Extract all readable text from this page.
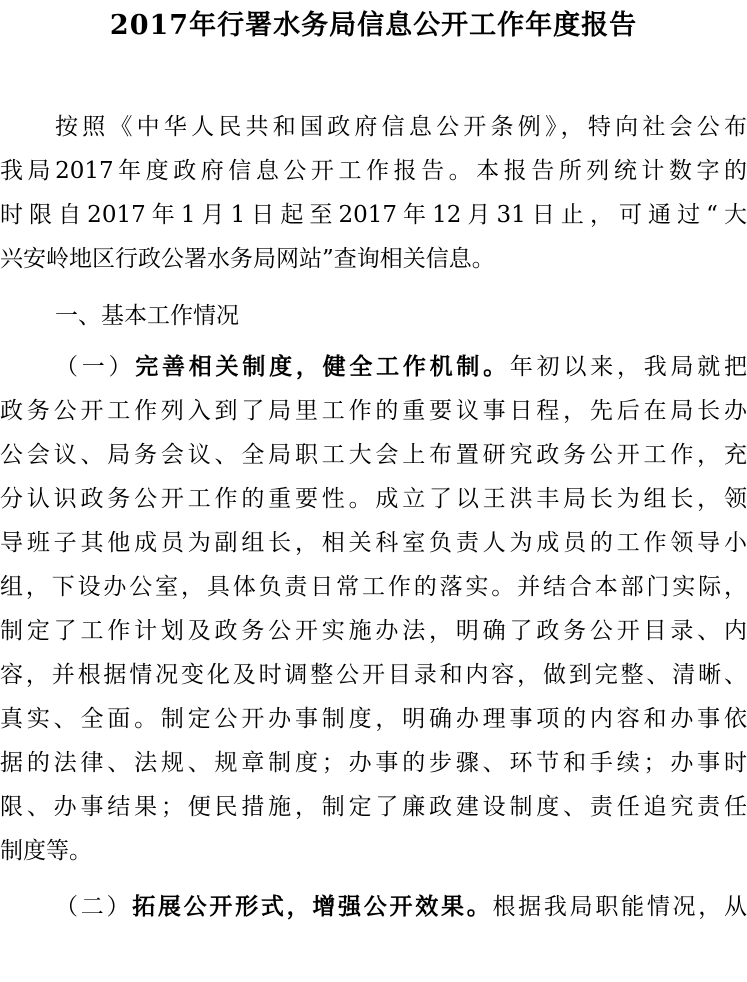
2017年行署水务局信息公开工作年度报告
按照《中华人民共和国政府信息公开条例》，特向社会公布
我局2017年度政府信息公开工作报告。本报告所列统计数字的
时限自2017年1月1日起至2017年12月31日止，可通过“大
兴安岭地区行政公署水务局网站”查询相关信息。
一、基本工作情况
（一）完善相关制度，健全工作机制。年初以来，我局就把
政务公开工作列入到了局里工作的重要议事日程，先后在局长办
公会议、局务会议、全局职工大会上布置研究政务公开工作，充
分认识政务公开工作的重要性。成立了以王洪丰局长为组长，领
导班子其他成员为副组长，相关科室负责人为成员的工作领导小
组，下设办公室，具体负责日常工作的落实。并结合本部门实际，
制定了工作计划及政务公开实施办法，明确了政务公开目录、内
容，并根据情况变化及时调整公开目录和内容，做到完整、清晰、
真实、全面。制定公开办事制度，明确办理事项的内容和办事依
据的法律、法规、规章制度；办事的步骤、环节和手续；办事时
限、办事结果；便民措施，制定了廉政建设制度、责任追究责任
制度等。
（二）拓展公开形式，增强公开效果。根据我局职能情况，从
